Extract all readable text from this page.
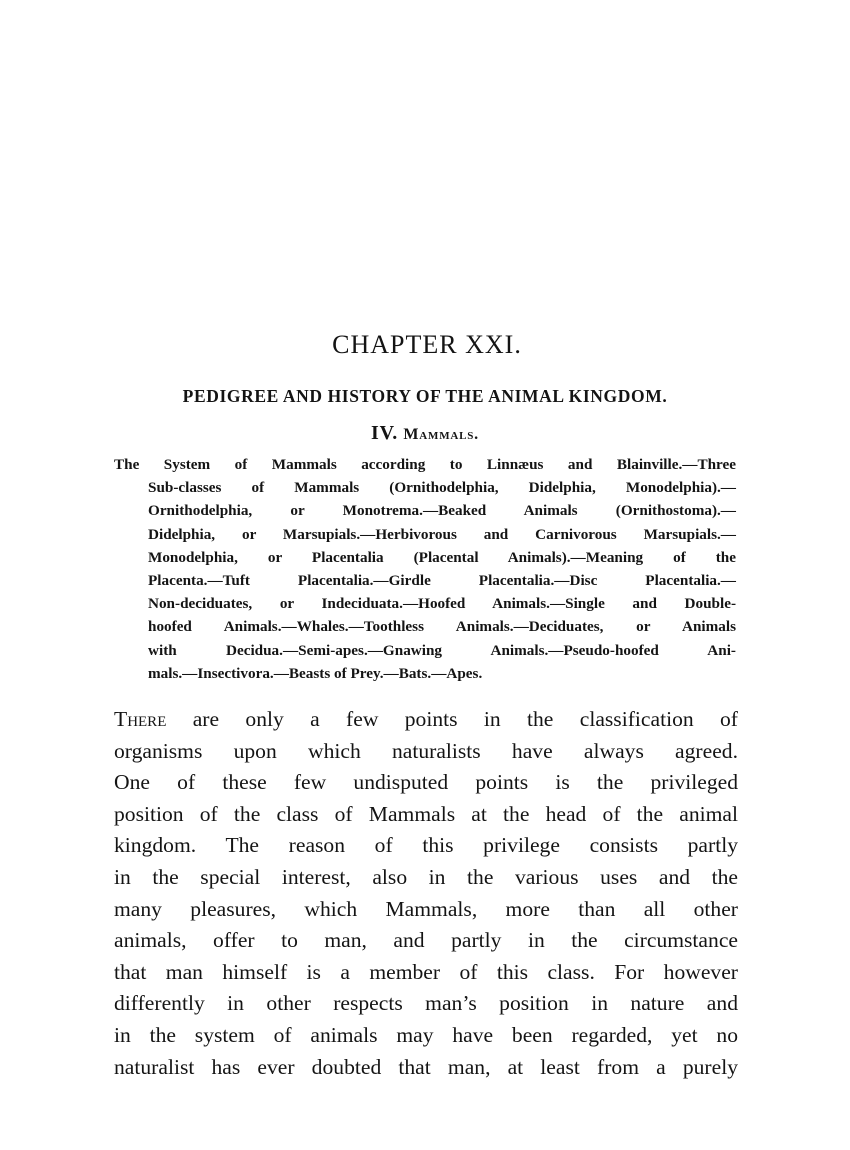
CHAPTER XXI.
PEDIGREE AND HISTORY OF THE ANIMAL KINGDOM.
IV. Mammals.
The System of Mammals according to Linnæus and Blainville.—Three
Sub-classes of Mammals (Ornithodelphia, Didelphia, Monodelphia).—
Ornithodelphia, or Monotrema.—Beaked Animals (Ornithostoma).—
Didelphia, or Marsupials.—Herbivorous and Carnivorous Marsupials.—
Monodelphia, or Placentalia (Placental Animals).—Meaning of the
Placenta.—Tuft Placentalia.—Girdle Placentalia.—Disc Placentalia.—
Non-deciduates, or Indeciduata.—Hoofed Animals.—Single and Double-
hoofed Animals.—Whales.—Toothless Animals.—Deciduates, or Animals
with Decidua.—Semi-apes.—Gnawing Animals.—Pseudo-hoofed Ani-
mals.—Insectivora.—Beasts of Prey.—Bats.—Apes.
There are only a few points in the classification of
organisms upon which naturalists have always agreed.
One of these few undisputed points is the privileged
position of the class of Mammals at the head of the animal
kingdom. The reason of this privilege consists partly
in the special interest, also in the various uses and the
many pleasures, which Mammals, more than all other
animals, offer to man, and partly in the circumstance
that man himself is a member of this class. For however
differently in other respects man’s position in nature and
in the system of animals may have been regarded, yet no
naturalist has ever doubted that man, at least from a purely
